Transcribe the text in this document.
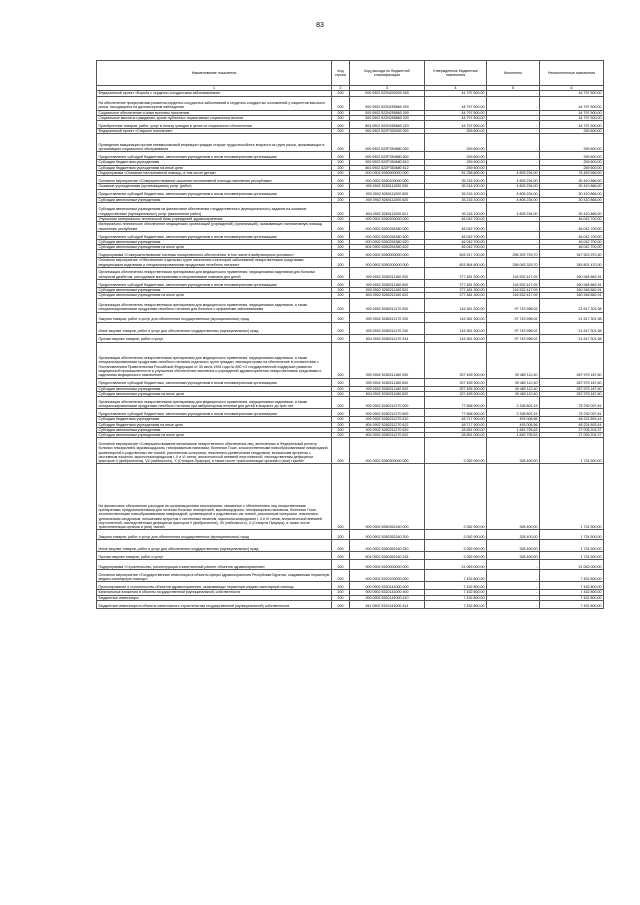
83
Наименование показателя	Код строки	Код расхода по бюджетной классификации	Утвержденные бюджетные назначения	Исполнено	Неисполненные назначения
1	2	3	4	5	6
Федеральный проект «Борьба с сердечно-сосудистыми заболеваниями»	200	000 0902 522N200000 000	44 797 500,00	-	44 797 500,00
На обеспечение профилактики развития сердечно-сосудистых заболеваний и сердечно-сосудистых осложнений у пациентов высокого риска, находящихся на диспансерном наблюдении	200	000 0902 522N255860 000	44 797 500,00	-	44 797 500,00
Социальное обеспечение и иные выплаты населению	200	000 0902 522N255860 300	44 797 500,00	-	44 797 500,00
Социальные выплаты гражданам, кроме публичных нормативных социальных выплат	200	000 0902 522N255860 320	44 797 500,00	-	44 797 500,00
Приобретение товаров, работ, услуг в пользу граждан в целях их социального обеспечения	200	804 0902 522N255860 323	44 797 500,00	-	44 797 500,00
Федеральный проект «Старшее поколение»	200	000 0902 522P300000 000	259 600,00	-	259 600,00
Проведение вакцинации против пневмококковой инфекции граждан старше трудоспособного возраста из групп риска, проживающих в организациях социального обслуживания	200	000 0902 522P354680 000	259 600,00	-	259 600,00
Предоставление субсидий бюджетным, автономным учреждениям и иным некоммерческим организациям	200	000 0902 522P354680 600	259 600,00	-	259 600,00
Субсидии бюджетным учреждениям	200	000 0902 522P354680 610	259 600,00	-	259 600,00
Субсидии бюджетным учреждениям на иные цели	200	804 0902 522P354680 612	259 600,00	-	259 600,00
Подпрограмма «Оказание паллиативной помощи, в том числе детям»	200	000 0902 5260000000 000	81 258 800,00	4 805 234,00	76 453 566,00
Основное мероприятие «Совершенствование оказания паллиативной помощи населению республики»	200	000 0902 5260100000 000	35 216 100,00	4 805 234,00	30 410 866,00
Оказание учреждениями (организациями) услуг (работ)	200	000 0902 5260111000 000	35 216 100,00	4 805 234,00	30 410 866,00
Предоставление субсидий бюджетным, автономным учреждениям и иным некоммерческим организациям	200	000 0902 5260111000 600	35 216 100,00	4 805 234,00	30 410 866,00
Субсидии автономным учреждениям	200	000 0902 5260111000 620	35 216 100,00	4 805 234,00	30 410 866,00
Субсидии автономным учреждениям на финансовое обеспечение государственного (муниципального) задания на оказание государственных (муниципальных) услуг (выполнение работ)	200	804 0902 5260111000 621	35 216 100,00	4 805 234,00	30 410 866,00
Улучшение материально-технической базы учреждений здравоохранения	200	000 0902 5260200000 000	46 042 700,00	-	46 042 700,00
Материально-техническое обеспечение медицинских организаций (учреждений) (организаций), оказывающих паллиативную помощь населению республики	200	000 0902 5260254380 000	46 042 700,00	-	46 042 700,00
Предоставление субсидий бюджетным, автономным учреждениям и иным некоммерческим организациям	200	000 0902 5260254380 600	46 042 700,00	-	46 042 700,00
Субсидии автономным учреждениям	200	000 0902 5260254380 620	46 042 700,00	-	46 042 700,00
Субсидии автономным учреждениям на иные цели	200	804 0902 5260254380 622	46 042 700,00	-	46 042 700,00
Подпрограмма «Совершенствование системы лекарственного обеспечения, в том числе в амбулаторных условиях»	200	000 0902 5280000000 000	603 917 700,00	256 393 729,70	347 523 970,30
Основное мероприятие «Обеспечение отдельных групп населения и категорий заболеваний лекарственными средствами, медицинскими изделиями и специализированными продуктами лечебного питания»	200	000 0902 5280200000 000	601 864 800,00	256 063 329,70	345 801 470,30
Организация обеспечения лекарственными препаратами для медицинского применения, медицинскими изделиями для больных сахарным диабетом, расходными материалами и инсулиновыми помпами для детей	200	000 0902 5280211160 000	277 481 300,00	116 532 417,09	160 948 882,91
Предоставление субсидий бюджетным, автономным учреждениям и иным некоммерческим организациям	200	000 0902 5280211160 600	277 481 300,00	116 532 417,09	160 948 882,91
Субсидии автономным учреждениям	200	000 0902 5280211160 620	277 481 300,00	116 532 417,09	160 948 882,91
Субсидии автономным учреждениям на иные цели	200	804 0902 5280211160 622	277 481 300,00	116 532 417,09	160 948 882,91
Организация обеспечения лекарственными препаратами для медицинского применения, медицинскими изделиями, а также специализированными продуктами лечебного питания для больных с орфанными заболеваниями	200	000 0902 5280211170 000	116 361 300,00	97 743 998,02	21 617 301,98
Закупка товаров, работ и услуг для обеспечения государственных (муниципальных) нужд	200	000 0902 5280211170 200	116 361 300,00	97 743 998,02	21 617 301,98
Иные закупки товаров, работ и услуг для обеспечения государственных (муниципальных) нужд	200	000 0902 5280211170 240	116 361 300,00	97 743 998,02	21 617 301,98
Прочая закупка товаров, работ и услуг	200	804 0902 5280211170 244	116 361 300,00	97 743 998,02	21 617 301,98
Организация обеспечения лекарственными препаратами для медицинского применения, медицинскими изделиями, а также специализированными продуктами лечебного питания отдельных групп граждан, имеющих право на обеспечение в соответствии с Постановлением Правительства Российской Федерации от 30 июля 1994 года № 890 «О государственной поддержке развития медицинской промышленности и улучшении обеспечения населения и учреждений здравоохранения лекарственными средствами и изделиями медицинского назначения»	200	000 0902 5280211180 000	327 455 300,00	39 480 112,40	287 975 187,60
Предоставление субсидий бюджетным, автономным учреждениям и иным некоммерческим организациям	200	000 0902 5280211180 600	327 455 300,00	39 480 112,40	287 975 187,60
Субсидии автономным учреждениям	200	000 0902 5280211180 620	327 455 300,00	39 480 112,40	287 975 187,60
Субсидии автономным учреждениям на иные цели	200	804 0902 5280211180 622	327 455 300,00	39 480 112,40	287 975 187,60
Организация обеспечения лекарственными препаратами для медицинского применения, медицинскими изделиями, а также специализированными продуктами лечебного питания при амбулаторном лечении для детей в возрасте до трех лет	200	000 0902 5280211270 000	77 568 900,00	2 338 802,19	75 230 097,81
Предоставление субсидий бюджетным, автономным учреждениям и иным некоммерческим организациям	200	000 0902 5280211270 600	77 568 900,00	2 338 802,19	75 230 097,81
Субсидии бюджетным учреждениям	200	000 0902 5280211270 610	48 717 900,00	493 006,56	48 224 893,44
Субсидии бюджетным учреждениям на иные цели	200	804 0902 5280211270 612	48 717 900,00	493 006,56	48 224 893,44
Субсидии автономным учреждениям	200	000 0902 5280211270 620	28 851 000,00	1 845 795,63	27 005 204,37
Субсидии автономным учреждениям на иные цели	200	804 0902 5280211270 622	28 851 000,00	1 845 795,63	27 005 204,37
Основное мероприятие «Совершенствование механизмов лекарственного обеспечения лиц, включенных в Федеральный регистр больных гемофилией, муковисцидозом, гипофизарным нанизмом, болезнью Гоше, злокачественными новообразованиями лимфоидной, кроветворной и родственных им тканей, рассеянным склерозом, гемолитико-уремическим синдромом, юношеским артритом с системным началом, мукополисахаридозом I, II и VI типов, апластической анемией неуточненной, наследственным дефицитом факторов II (фибриногена), VII (лабильного), X (Стюарта-Прауэра), а также после трансплантации органов и (или) тканей»	200	000 0902 5280300000 000	2 052 900,00	328 400,00	1 724 500,00
На финансовое обеспечение расходов на организационные мероприятия, связанные с обеспечением лиц лекарственными препаратами, предназначенными для лечения больных гемофилией, муковисцидозом, гипофизарным нанизмом, болезнью Гоше, злокачественными новообразованиями лимфоидной, кроветворной и родственных им тканей, рассеянным склерозом, гемолитико-уремическим синдромом, юношеским артритом с системным началом, мукополисахаридозом I, II и VI типов, апластической анемией неуточненной, наследственным дефицитом факторов II (фибриногена), VII (лабильного), X (Стюарта-Прауэра), а также после трансплантации органов и (или) тканей	200	000 0902 5280352160 000	2 052 900,00	328 400,00	1 724 500,00
Закупка товаров, работ и услуг для обеспечения государственных (муниципальных) нужд	200	000 0902 5280352160 200	2 052 900,00	328 400,00	1 724 500,00
Иные закупки товаров, работ и услуг для обеспечения государственных (муниципальных) нужд	200	000 0902 5280352160 240	2 052 900,00	328 400,00	1 724 500,00
Прочая закупка товаров, работ и услуг	200	804 0902 5280352160 244	2 052 900,00	328 400,00	1 724 500,00
Подпрограмма «Строительство, реконструкция и капитальный ремонт объектов здравоохранения»	200	000 0902 5320000000 000	21 063 000,00	-	21 063 000,00
Основное мероприятие «Государственные инвестиции в объекты сферы здравоохранения Республики Бурятия, создаваемые первичную медико-санитарную помощь»	200	000 0902 5320100000 000	7 432 800,00	-	7 432 800,00
Проектирование и строительство объектов здравоохранения, оказывающих первичную медико-санитарную помощь	200	000 0902 5320141000 000	7 432 800,00	-	7 432 800,00
Капитальные вложения в объекты государственной (муниципальной) собственности	200	000 0902 5320141000 400	7 432 800,00	-	7 432 800,00
Бюджетные инвестиции	200	000 0902 5320141000 410	7 432 800,00	-	7 432 800,00
Бюджетные инвестиции в объекты капитального строительства государственной (муниципальной) собственности	200	811 0902 5320141000 414	7 432 800,00	-	7 432 800,00
